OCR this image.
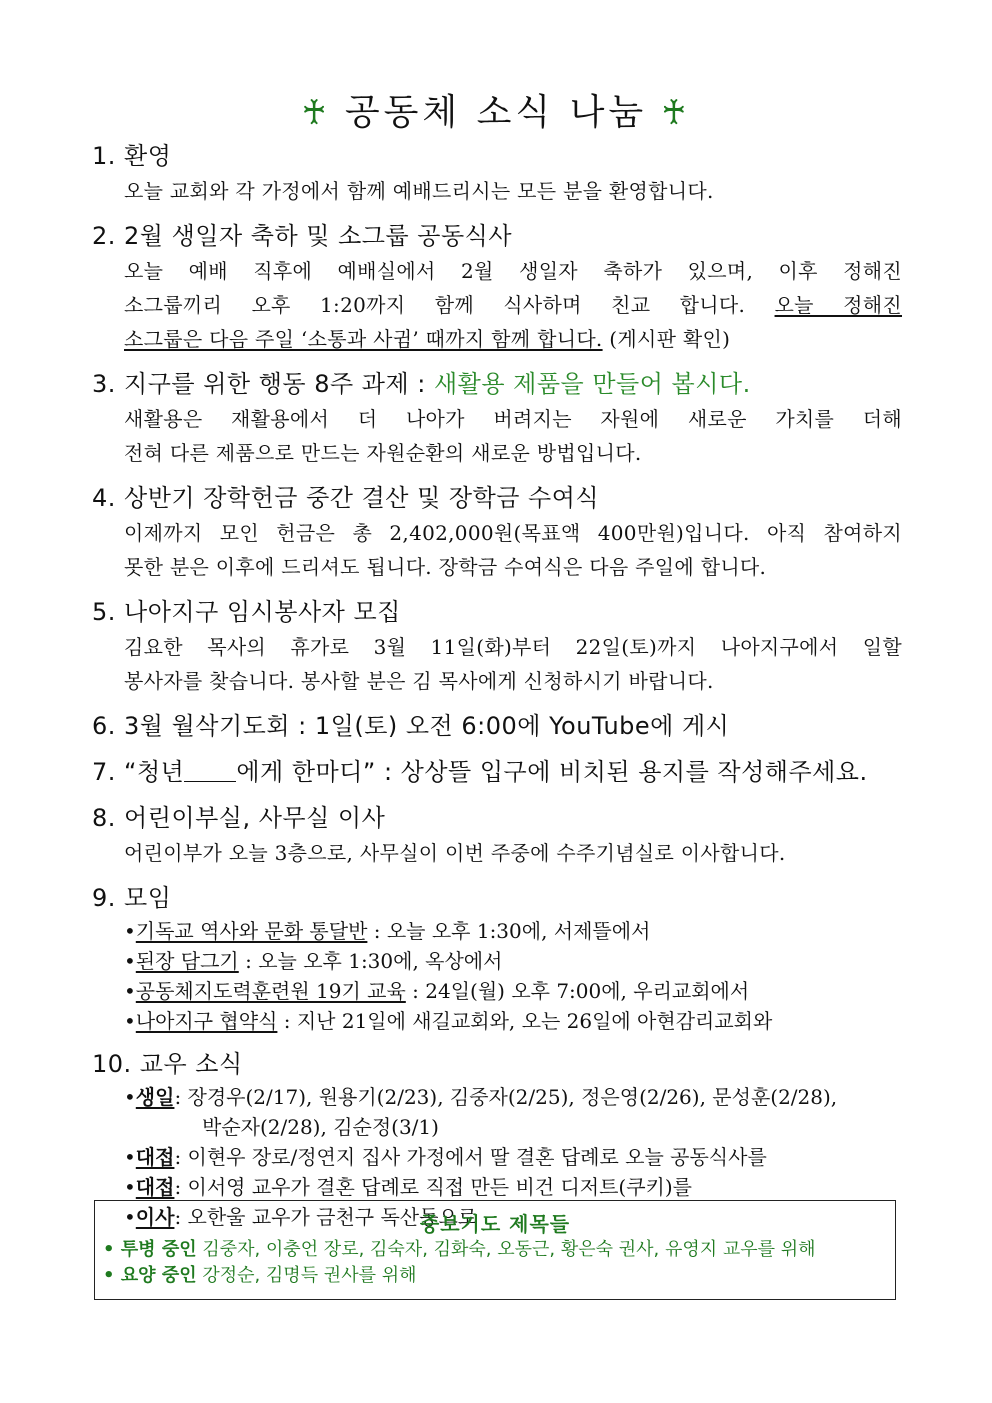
♰ 공동체 소식 나눔 ♰
1. 환영
오늘 교회와 각 가정에서 함께 예배드리시는 모든 분을 환영합니다.
2. 2월 생일자 축하 및 소그룹 공동식사
오늘 예배 직후에 예배실에서 2월 생일자 축하가 있으며, 이후 정해진
소그룹끼리 오후 1:20까지 함께 식사하며 친교 합니다. 오늘 정해진
소그룹은 다음 주일 ‘소통과 사귐’ 때까지 함께 합니다. (게시판 확인)
3. 지구를 위한 행동 8주 과제 : 새활용 제품을 만들어 봅시다.
새활용은 재활용에서 더 나아가 버려지는 자원에 새로운 가치를 더해
전혀 다른 제품으로 만드는 자원순환의 새로운 방법입니다.
4. 상반기 장학헌금 중간 결산 및 장학금 수여식
이제까지 모인 헌금은 총 2,402,000원(목표액 400만원)입니다. 아직 참여하지
못한 분은 이후에 드리셔도 됩니다. 장학금 수여식은 다음 주일에 합니다.
5. 나아지구 임시봉사자 모집
김요한 목사의 휴가로 3월 11일(화)부터 22일(토)까지 나아지구에서 일할
봉사자를 찾습니다. 봉사할 분은 김 목사에게 신청하시기 바랍니다.
6. 3월 월삭기도회 : 1일(토) 오전 6:00에 YouTube에 게시
7. “청년 에게 한마디” : 상상뜰 입구에 비치된 용지를 작성해주세요.
8. 어린이부실, 사무실 이사
어린이부가 오늘 3층으로, 사무실이 이번 주중에 수주기념실로 이사합니다.
9. 모임
•기독교 역사와 문화 통달반 : 오늘 오후 1:30에, 서제뜰에서
•된장 담그기 : 오늘 오후 1:30에, 옥상에서
•공동체지도력훈련원 19기 교육 : 24일(월) 오후 7:00에, 우리교회에서
•나아지구 협약식 : 지난 21일에 새길교회와, 오는 26일에 아현감리교회와
10. 교우 소식
•생일: 장경우(2/17), 원용기(2/23), 김중자(2/25), 정은영(2/26), 문성훈(2/28),
박순자(2/28), 김순정(3/1)
•대접: 이현우 장로/정연지 집사 가정에서 딸 결혼 답례로 오늘 공동식사를
•대접: 이서영 교우가 결혼 답례로 직접 만든 비건 디저트(쿠키)를
•이사: 오한울 교우가 금천구 독산동으로
중보기도 제목들
• 투병 중인 김중자, 이충언 장로, 김숙자, 김화숙, 오동근, 황은숙 권사, 유영지 교우를 위해
• 요양 중인 강정순, 김명득 권사를 위해
